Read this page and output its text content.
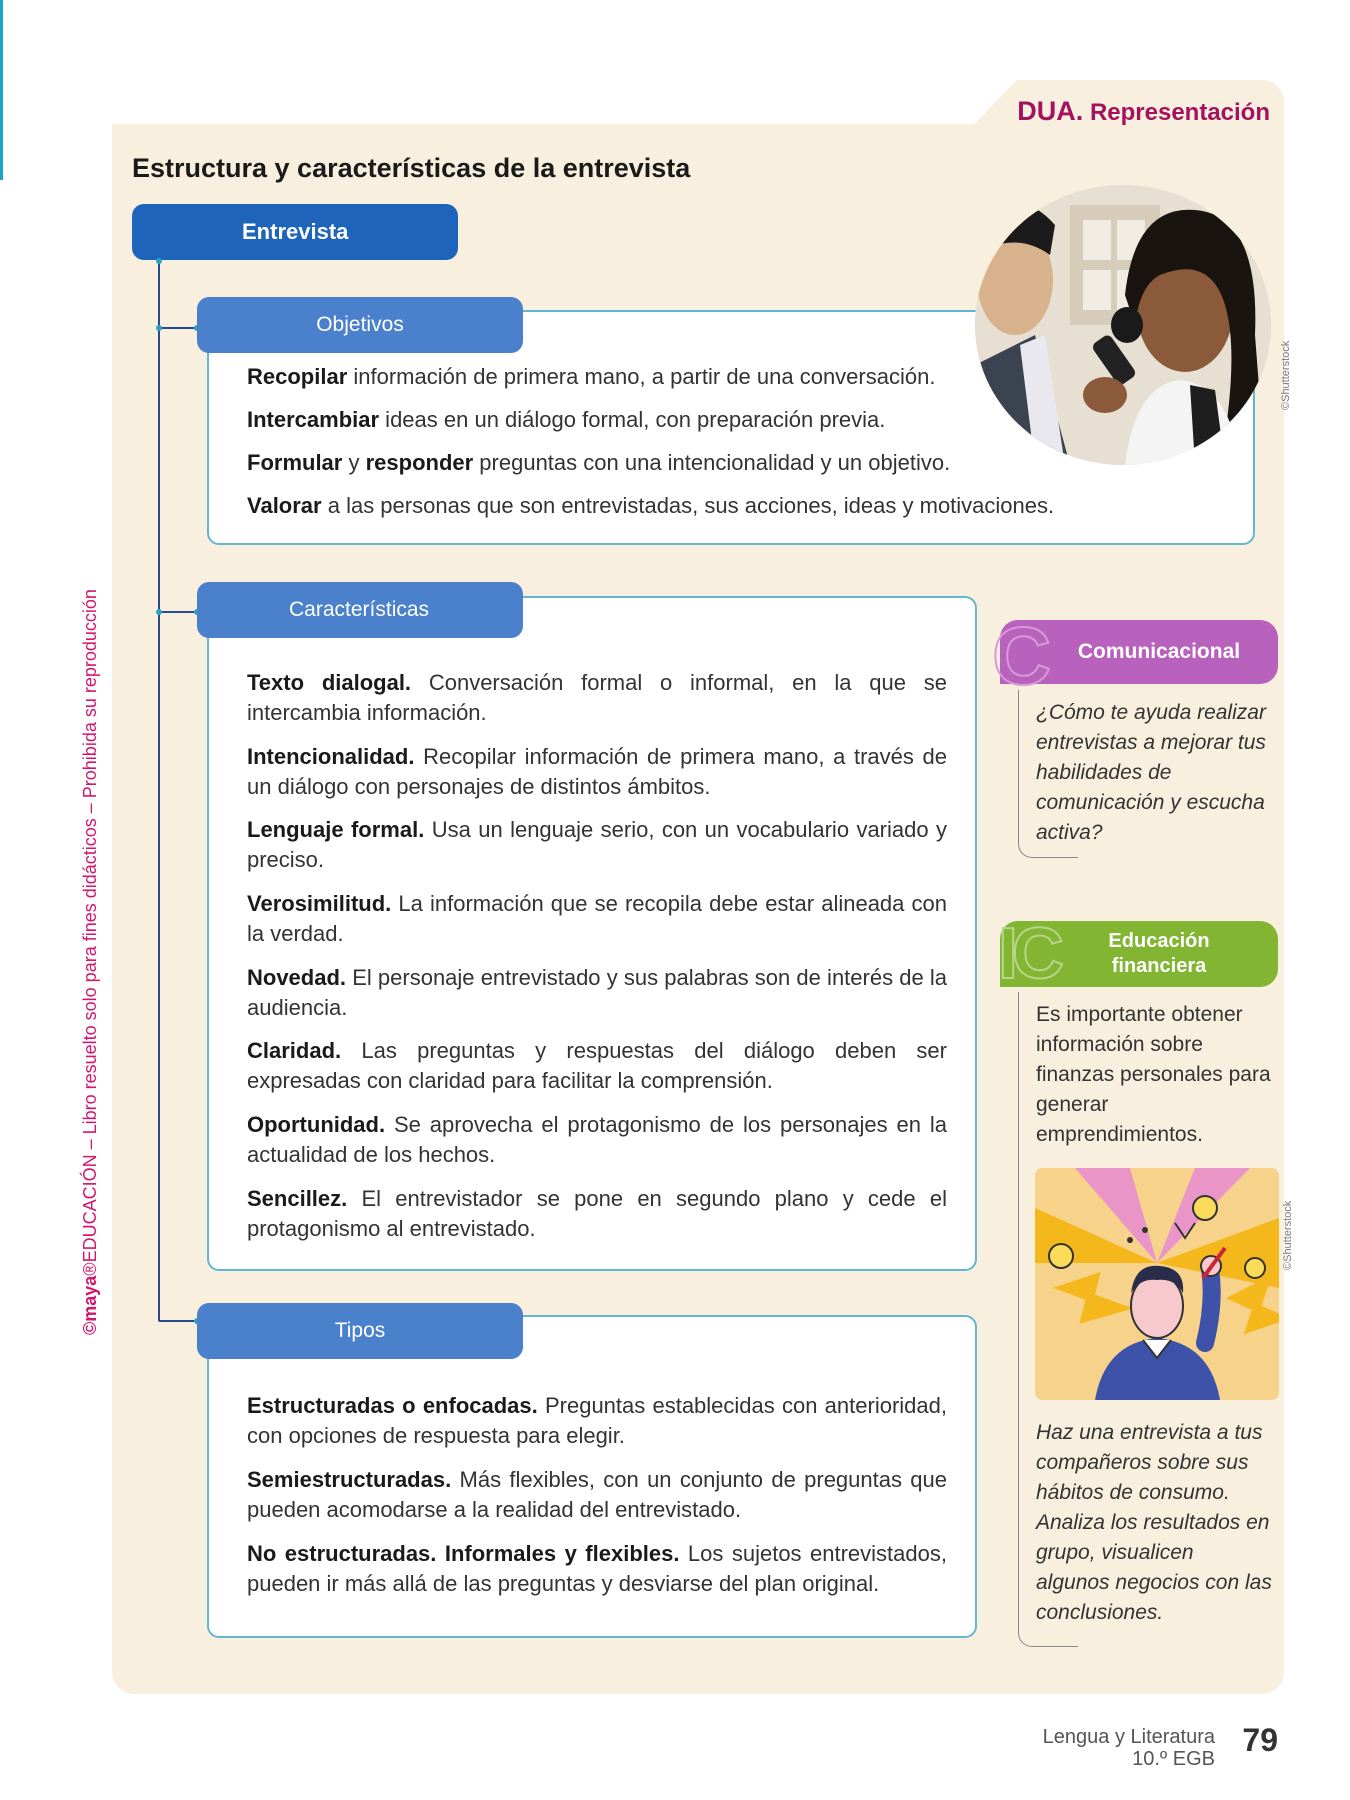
©maya®EDUCACIÓN – Libro resuelto solo para fines didácticos – Prohibida su reproducción
DUA. Representación
Estructura y características de la entrevista
Entrevista
©Shutterstock
Objetivos
Recopilar información de primera mano, a partir de una conversación.
Intercambiar ideas en un diálogo formal, con preparación previa.
Formular y responder preguntas con una intencionalidad y un objetivo.
Valorar a las personas que son entrevistadas, sus acciones, ideas y motivaciones.
Características
Texto dialogal. Conversación formal o informal, en la que se intercambia información.
Intencionalidad. Recopilar información de primera mano, a través de un diálogo con personajes de distintos ámbitos.
Lenguaje formal. Usa un lenguaje serio, con un vocabulario variado y preciso.
Verosimilitud. La información que se recopila debe estar alineada con la verdad.
Novedad. El personaje entrevistado y sus palabras son de interés de la audiencia.
Claridad. Las preguntas y respuestas del diálogo deben ser expresadas con claridad para facilitar la comprensión.
Oportunidad. Se aprovecha el protagonismo de los personajes en la actualidad de los hechos.
Sencillez. El entrevistador se pone en segundo plano y cede el protagonismo al entrevistado.
Tipos
Estructuradas o enfocadas. Preguntas establecidas con anterioridad, con opciones de respuesta para elegir.
Semiestructuradas. Más flexibles, con un conjunto de preguntas que pueden acomodarse a la realidad del entrevistado.
No estructuradas. Informales y flexibles. Los sujetos entrevistados, pueden ir más allá de las preguntas y desviarse del plan original.
Comunicacional
C
¿Cómo te ayuda realizar entrevistas a mejorar tus habilidades de comunicación y escucha activa?
Educación
financiera
IC
Es importante obtener información sobre finanzas personales para generar emprendimientos.
©Shutterstock
Haz una entrevista a tus compañeros sobre sus hábitos de consumo. Analiza los resultados en grupo, visualicen algunos negocios con las conclusiones.
Lengua y Literatura
10.º EGB
79
